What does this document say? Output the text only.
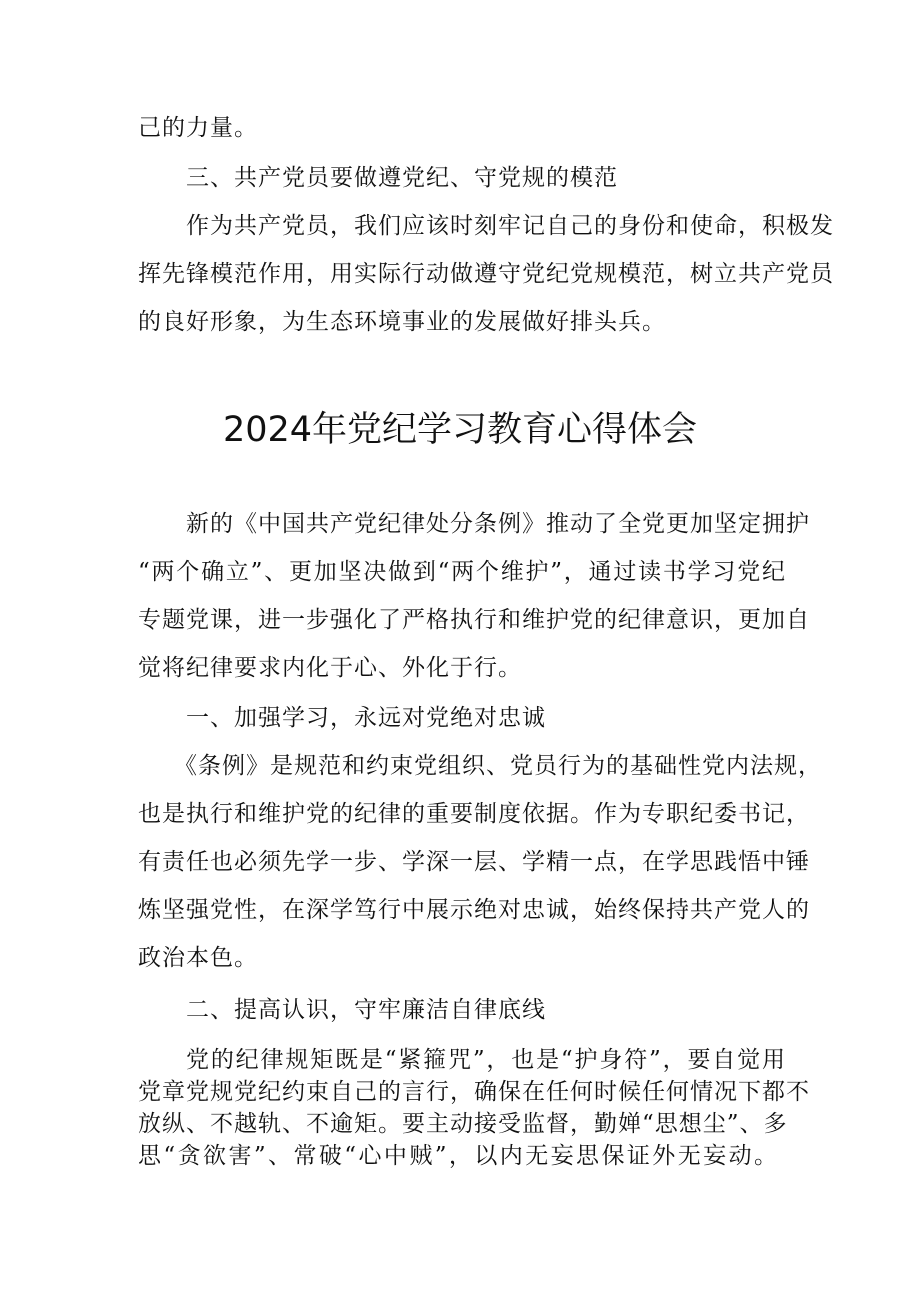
己的力量。
三、共产党员要做遵党纪、守党规的模范
作为共产党员，我们应该时刻牢记自己的身份和使命，积极发
挥先锋模范作用，用实际行动做遵守党纪党规模范，树立共产党员
的良好形象，为生态环境事业的发展做好排头兵。
2024年党纪学习教育心得体会
新的《中国共产党纪律处分条例》推动了全党更加坚定拥护
“两个确立”、更加坚决做到“两个维护”，通过读书学习党纪
专题党课，进一步强化了严格执行和维护党的纪律意识，更加自
觉将纪律要求内化于心、外化于行。
一、加强学习，永远对党绝对忠诚
《条例》是规范和约束党组织、党员行为的基础性党内法规，
也是执行和维护党的纪律的重要制度依据。作为专职纪委书记，
有责任也必须先学一步、学深一层、学精一点，在学思践悟中锤
炼坚强党性，在深学笃行中展示绝对忠诚，始终保持共产党人的
政治本色。
二、提高认识，守牢廉洁自律底线
党的纪律规矩既是“紧箍咒”，也是“护身符”，要自觉用
党章党规党纪约束自己的言行，确保在任何时候任何情况下都不
放纵、不越轨、不逾矩。要主动接受监督，勤婵“思想尘”、多
思“贪欲害”、常破“心中贼”，以内无妄思保证外无妄动。
